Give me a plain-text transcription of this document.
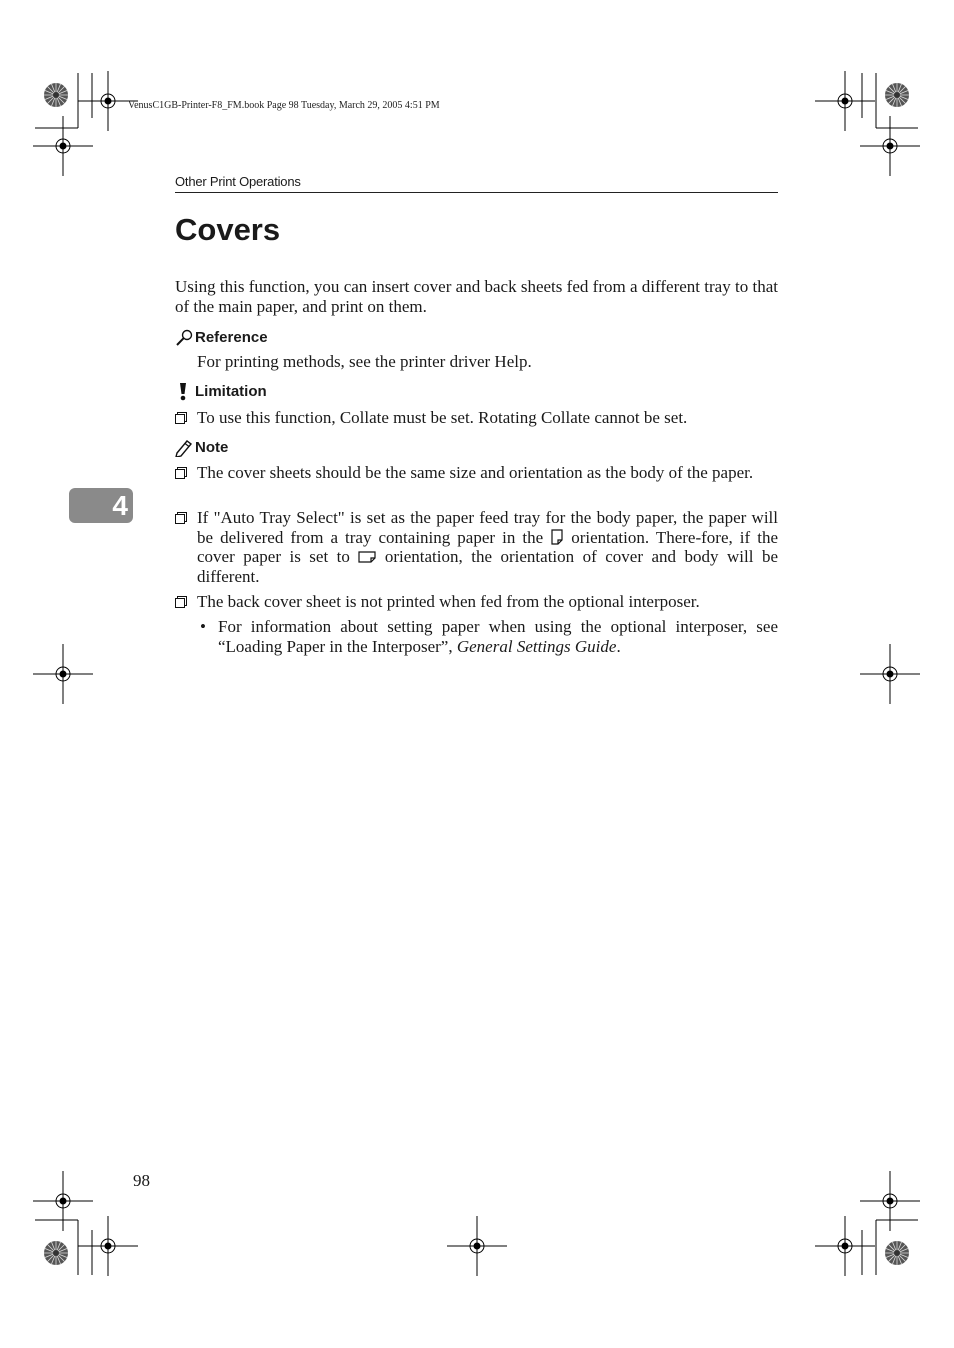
VenusC1GB-Printer-F8_FM.book Page 98 Tuesday, March 29, 2005 4:51 PM
Other Print Operations
Covers

Using this function, you can insert cover and back sheets fed from a different tray to that of the main paper, and print on them.

Reference
For printing methods, see the printer driver Help.
Limitation
To use this function, Collate must be set. Rotating Collate cannot be set.
Note
The cover sheets should be the same size and orientation as the body of the paper.
If "Auto Tray Select" is set as the paper feed tray for the body paper, the paper will be delivered from a tray containing paper in the  orientation. There-fore, if the cover paper is set to  orientation, the orientation of cover and body will be different.
The back cover sheet is not printed when fed from the optional interposer.
• For information about setting paper when using the optional interposer, see “Loading Paper in the Interposer”, General Settings Guide.
4
98
